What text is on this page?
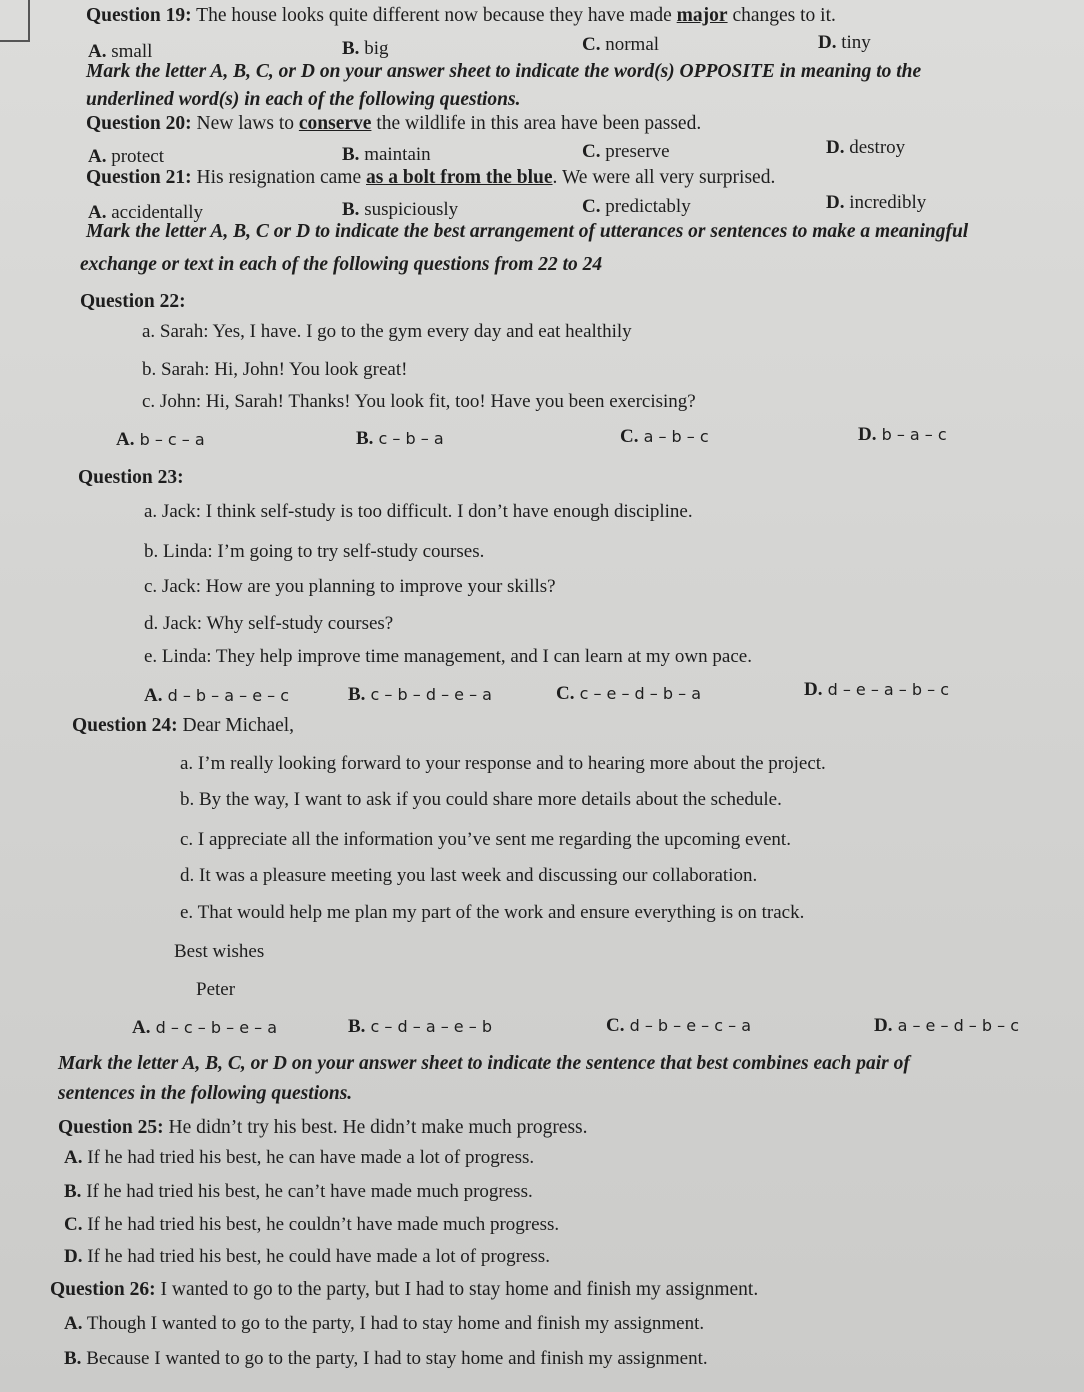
Question 19: The house looks quite different now because they have made major changes to it.
A. small	B. big	C. normal	D. tiny
Mark the letter A, B, C, or D on your answer sheet to indicate the word(s) OPPOSITE in meaning to the
underlined word(s) in each of the following questions.
Question 20: New laws to conserve the wildlife in this area have been passed.
A. protect	B. maintain	C. preserve	D. destroy
Question 21: His resignation came as a bolt from the blue. We were all very surprised.
A. accidentally	B. suspiciously	C. predictably	D. incredibly
Mark the letter A, B, C or D to indicate the best arrangement of utterances or sentences to make a meaningful
exchange or text in each of the following questions from 22 to 24
Question 22:
a. Sarah: Yes, I have. I go to the gym every day and eat healthily
b. Sarah: Hi, John! You look great!
c. John: Hi, Sarah! Thanks! You look fit, too! Have you been exercising?
A. b – c – a	B. c – b – a	C. a – b – c	D. b – a – c
Question 23:
a. Jack: I think self-study is too difficult. I don’t have enough discipline.
b. Linda: I’m going to try self-study courses.
c. Jack: How are you planning to improve your skills?
d. Jack: Why self-study courses?
e. Linda: They help improve time management, and I can learn at my own pace.
A. d – b – a – e – c	B. c – b – d – e – a	C. c – e – d – b – a	D. d – e – a – b – c
Question 24: Dear Michael,
a. I’m really looking forward to your response and to hearing more about the project.
b. By the way, I want to ask if you could share more details about the schedule.
c. I appreciate all the information you’ve sent me regarding the upcoming event.
d. It was a pleasure meeting you last week and discussing our collaboration.
e. That would help me plan my part of the work and ensure everything is on track.
Best wishes
Peter
A. d – c – b – e – a	B. c – d – a – e – b	C. d – b – e – c – a	D. a – e – d – b – c
Mark the letter A, B, C, or D on your answer sheet to indicate the sentence that best combines each pair of
sentences in the following questions.
Question 25: He didn’t try his best. He didn’t make much progress.
A. If he had tried his best, he can have made a lot of progress.
B. If he had tried his best, he can’t have made much progress.
C. If he had tried his best, he couldn’t have made much progress.
D. If he had tried his best, he could have made a lot of progress.
Question 26: I wanted to go to the party, but I had to stay home and finish my assignment.
A. Though I wanted to go to the party, I had to stay home and finish my assignment.
B. Because I wanted to go to the party, I had to stay home and finish my assignment.
